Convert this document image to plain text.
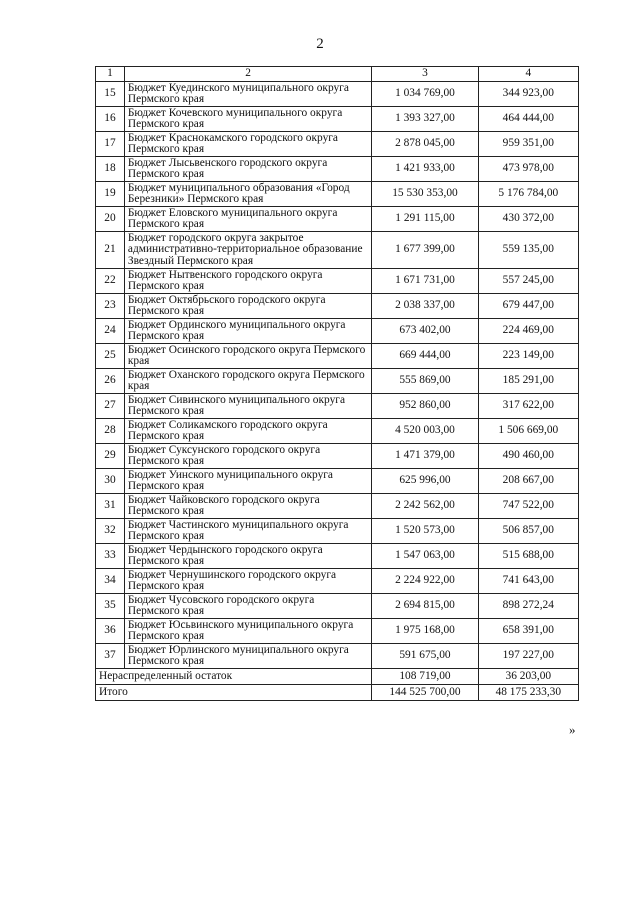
2
1	2	3	4
15	Бюджет Куединского муниципального округа Пермского края	1 034 769,00	344 923,00
16	Бюджет Кочевского муниципального округа Пермского края	1 393 327,00	464 444,00
17	Бюджет Краснокамского городского округа Пермского края	2 878 045,00	959 351,00
18	Бюджет Лысьвенского городского округа Пермского края	1 421 933,00	473 978,00
19	Бюджет муниципального образования «Город Березники» Пермского края	15 530 353,00	5 176 784,00
20	Бюджет Еловского муниципального округа Пермского края	1 291 115,00	430 372,00
21	Бюджет городского округа закрытое административно-территориальное образование Звездный Пермского края	1 677 399,00	559 135,00
22	Бюджет Нытвенского городского округа Пермского края	1 671 731,00	557 245,00
23	Бюджет Октябрьского городского округа Пермского края	2 038 337,00	679 447,00
24	Бюджет Ординского муниципального округа Пермского края	673 402,00	224 469,00
25	Бюджет Осинского городского округа Пермского края	669 444,00	223 149,00
26	Бюджет Оханского городского округа Пермского края	555 869,00	185 291,00
27	Бюджет Сивинского муниципального округа Пермского края	952 860,00	317 622,00
28	Бюджет Соликамского городского округа Пермского края	4 520 003,00	1 506 669,00
29	Бюджет Суксунского городского округа Пермского края	1 471 379,00	490 460,00
30	Бюджет Уинского муниципального округа Пермского края	625 996,00	208 667,00
31	Бюджет Чайковского городского округа Пермского края	2 242 562,00	747 522,00
32	Бюджет Частинского муниципального округа Пермского края	1 520 573,00	506 857,00
33	Бюджет Чердынского городского округа Пермского края	1 547 063,00	515 688,00
34	Бюджет Чернушинского городского округа Пермского края	2 224 922,00	741 643,00
35	Бюджет Чусовского городского округа Пермского края	2 694 815,00	898 272,24
36	Бюджет Юсьвинского муниципального округа Пермского края	1 975 168,00	658 391,00
37	Бюджет Юрлинского муниципального округа Пермского края	591 675,00	197 227,00
Нераспределенный остаток		108 719,00	36 203,00
Итого		144 525 700,00	48 175 233,30
»
